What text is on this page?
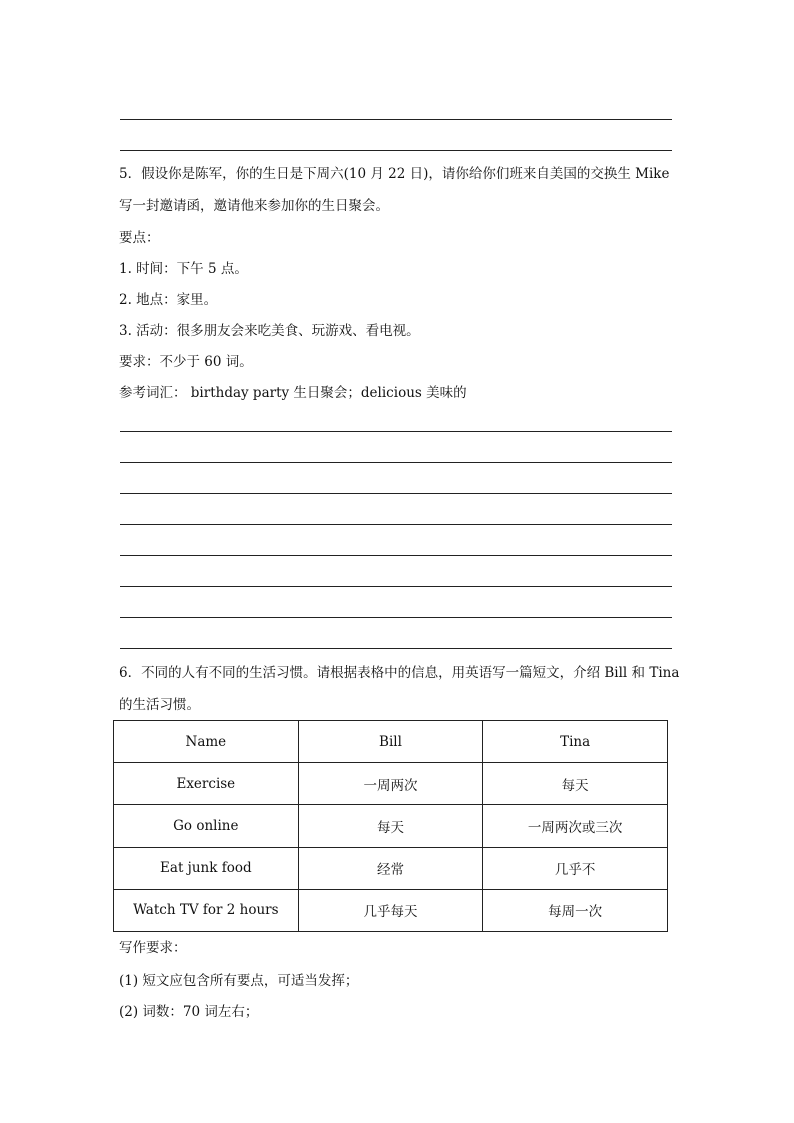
5．假设你是陈军，你的生日是下周六(10 月 22 日)，请你给你们班来自美国的交换生 Mike
写一封邀请函，邀请他来参加你的生日聚会。
要点：
1. 时间：下午 5 点。
2. 地点：家里。
3. 活动：很多朋友会来吃美食、玩游戏、看电视。
要求：不少于 60 词。
参考词汇： birthday party 生日聚会；delicious 美味的
6．不同的人有不同的生活习惯。请根据表格中的信息，用英语写一篇短文，介绍 Bill 和 Tina
的生活习惯。
Name	Bill	Tina
Exercise	一周两次	每天
Go online	每天	一周两次或三次
Eat junk food	经常	几乎不
Watch TV for 2 hours	几乎每天	每周一次
写作要求：
(1) 短文应包含所有要点，可适当发挥；
(2) 词数：70 词左右；
